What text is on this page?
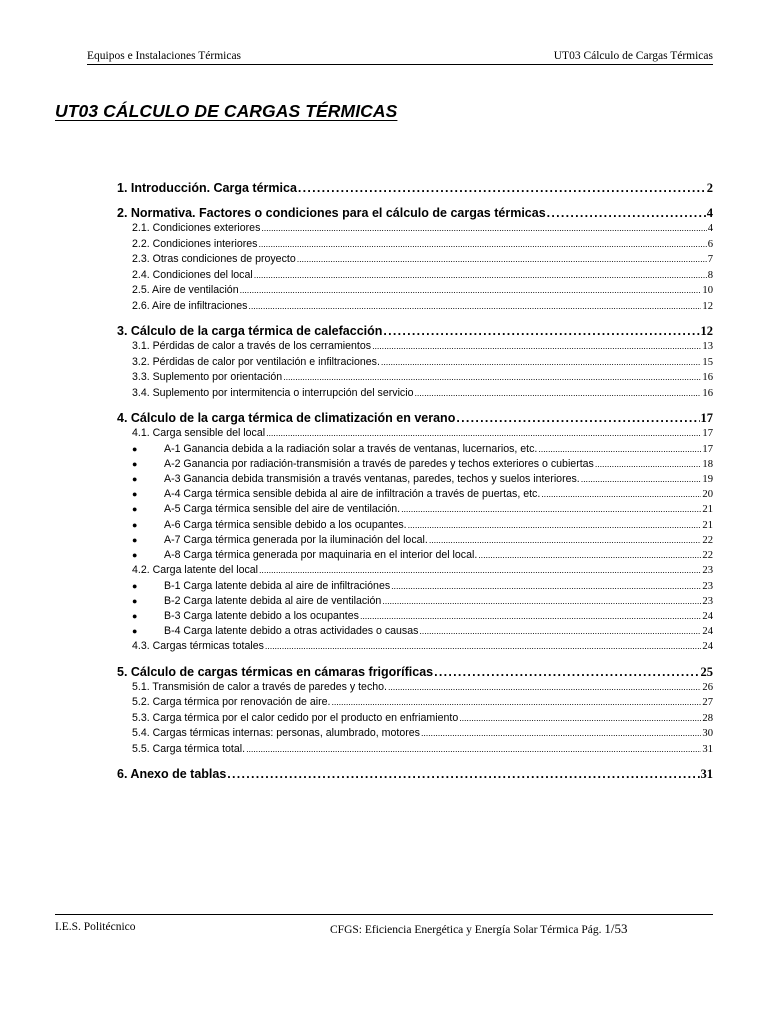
Equipos e Instalaciones Térmicas	UT03 Cálculo de Cargas Térmicas
UT03 CÁLCULO DE CARGAS TÉRMICAS
1. Introducción. Carga térmica . . .	2
2. Normativa. Factores o condiciones para el cálculo de cargas térmicas . . .	4
2.1. Condiciones exteriores . . .	4
2.2. Condiciones interiores . . .	6
2.3. Otras condiciones de proyecto . . .	7
2.4. Condiciones del local . . .	8
2.5. Aire de ventilación . . .	10
2.6. Aire de infiltraciones . . .	12
3. Cálculo de la carga térmica de calefacción . . .	12
3.1. Pérdidas de calor a través de los cerramientos . . .	13
3.2. Pérdidas de calor por ventilación e infiltraciones. . . .	15
3.3. Suplemento por orientación . . .	16
3.4. Suplemento por intermitencia o interrupción del servicio . . .	16
4. Cálculo de la carga térmica de climatización en verano . . .	17
4.1. Carga sensible del local . . .	17
●	A-1 Ganancia debida a la radiación solar a través de ventanas, lucernarios, etc. . . .	17
●	A-2 Ganancia por radiación-transmisión a través de paredes y techos exteriores o cubiertas . . .	18
●	A-3 Ganancia debida transmisión a través ventanas, paredes, techos y suelos interiores. . . .	19
●	A-4 Carga térmica sensible debida al aire de infiltración a través de puertas, etc. . . .	20
●	A-5 Carga térmica sensible del aire de ventilación. . . .	21
●	A-6 Carga térmica sensible debido a los ocupantes. . . .	21
●	A-7 Carga térmica generada por la iluminación del local. . . .	22
●	A-8 Carga térmica generada por maquinaria en el interior del local. . . .	22
4.2. Carga latente del local . . .	23
●	B-1 Carga latente debida al aire de infiltraciónes . . .	23
●	B-2 Carga latente debida al aire de ventilación . . .	23
●	B-3 Carga latente debido a los ocupantes . . .	24
●	B-4 Carga latente debido a otras actividades o causas . . .	24
4.3. Cargas térmicas totales . . .	24
5. Cálculo de cargas térmicas en cámaras frigoríficas . . .	25
5.1. Transmisión de calor a través de paredes y techo. . . .	26
5.2. Carga térmica por renovación de aire. . . .	27
5.3. Carga térmica por el calor cedido por el producto en enfriamiento . . .	28
5.4. Cargas térmicas internas: personas, alumbrado, motores . . .	30
5.5. Carga térmica total. . . .	31
6. Anexo de tablas . . .	31
I.E.S. Politécnico	CFGS: Eficiencia Energética y Energía Solar Térmica Pág. 1/53
